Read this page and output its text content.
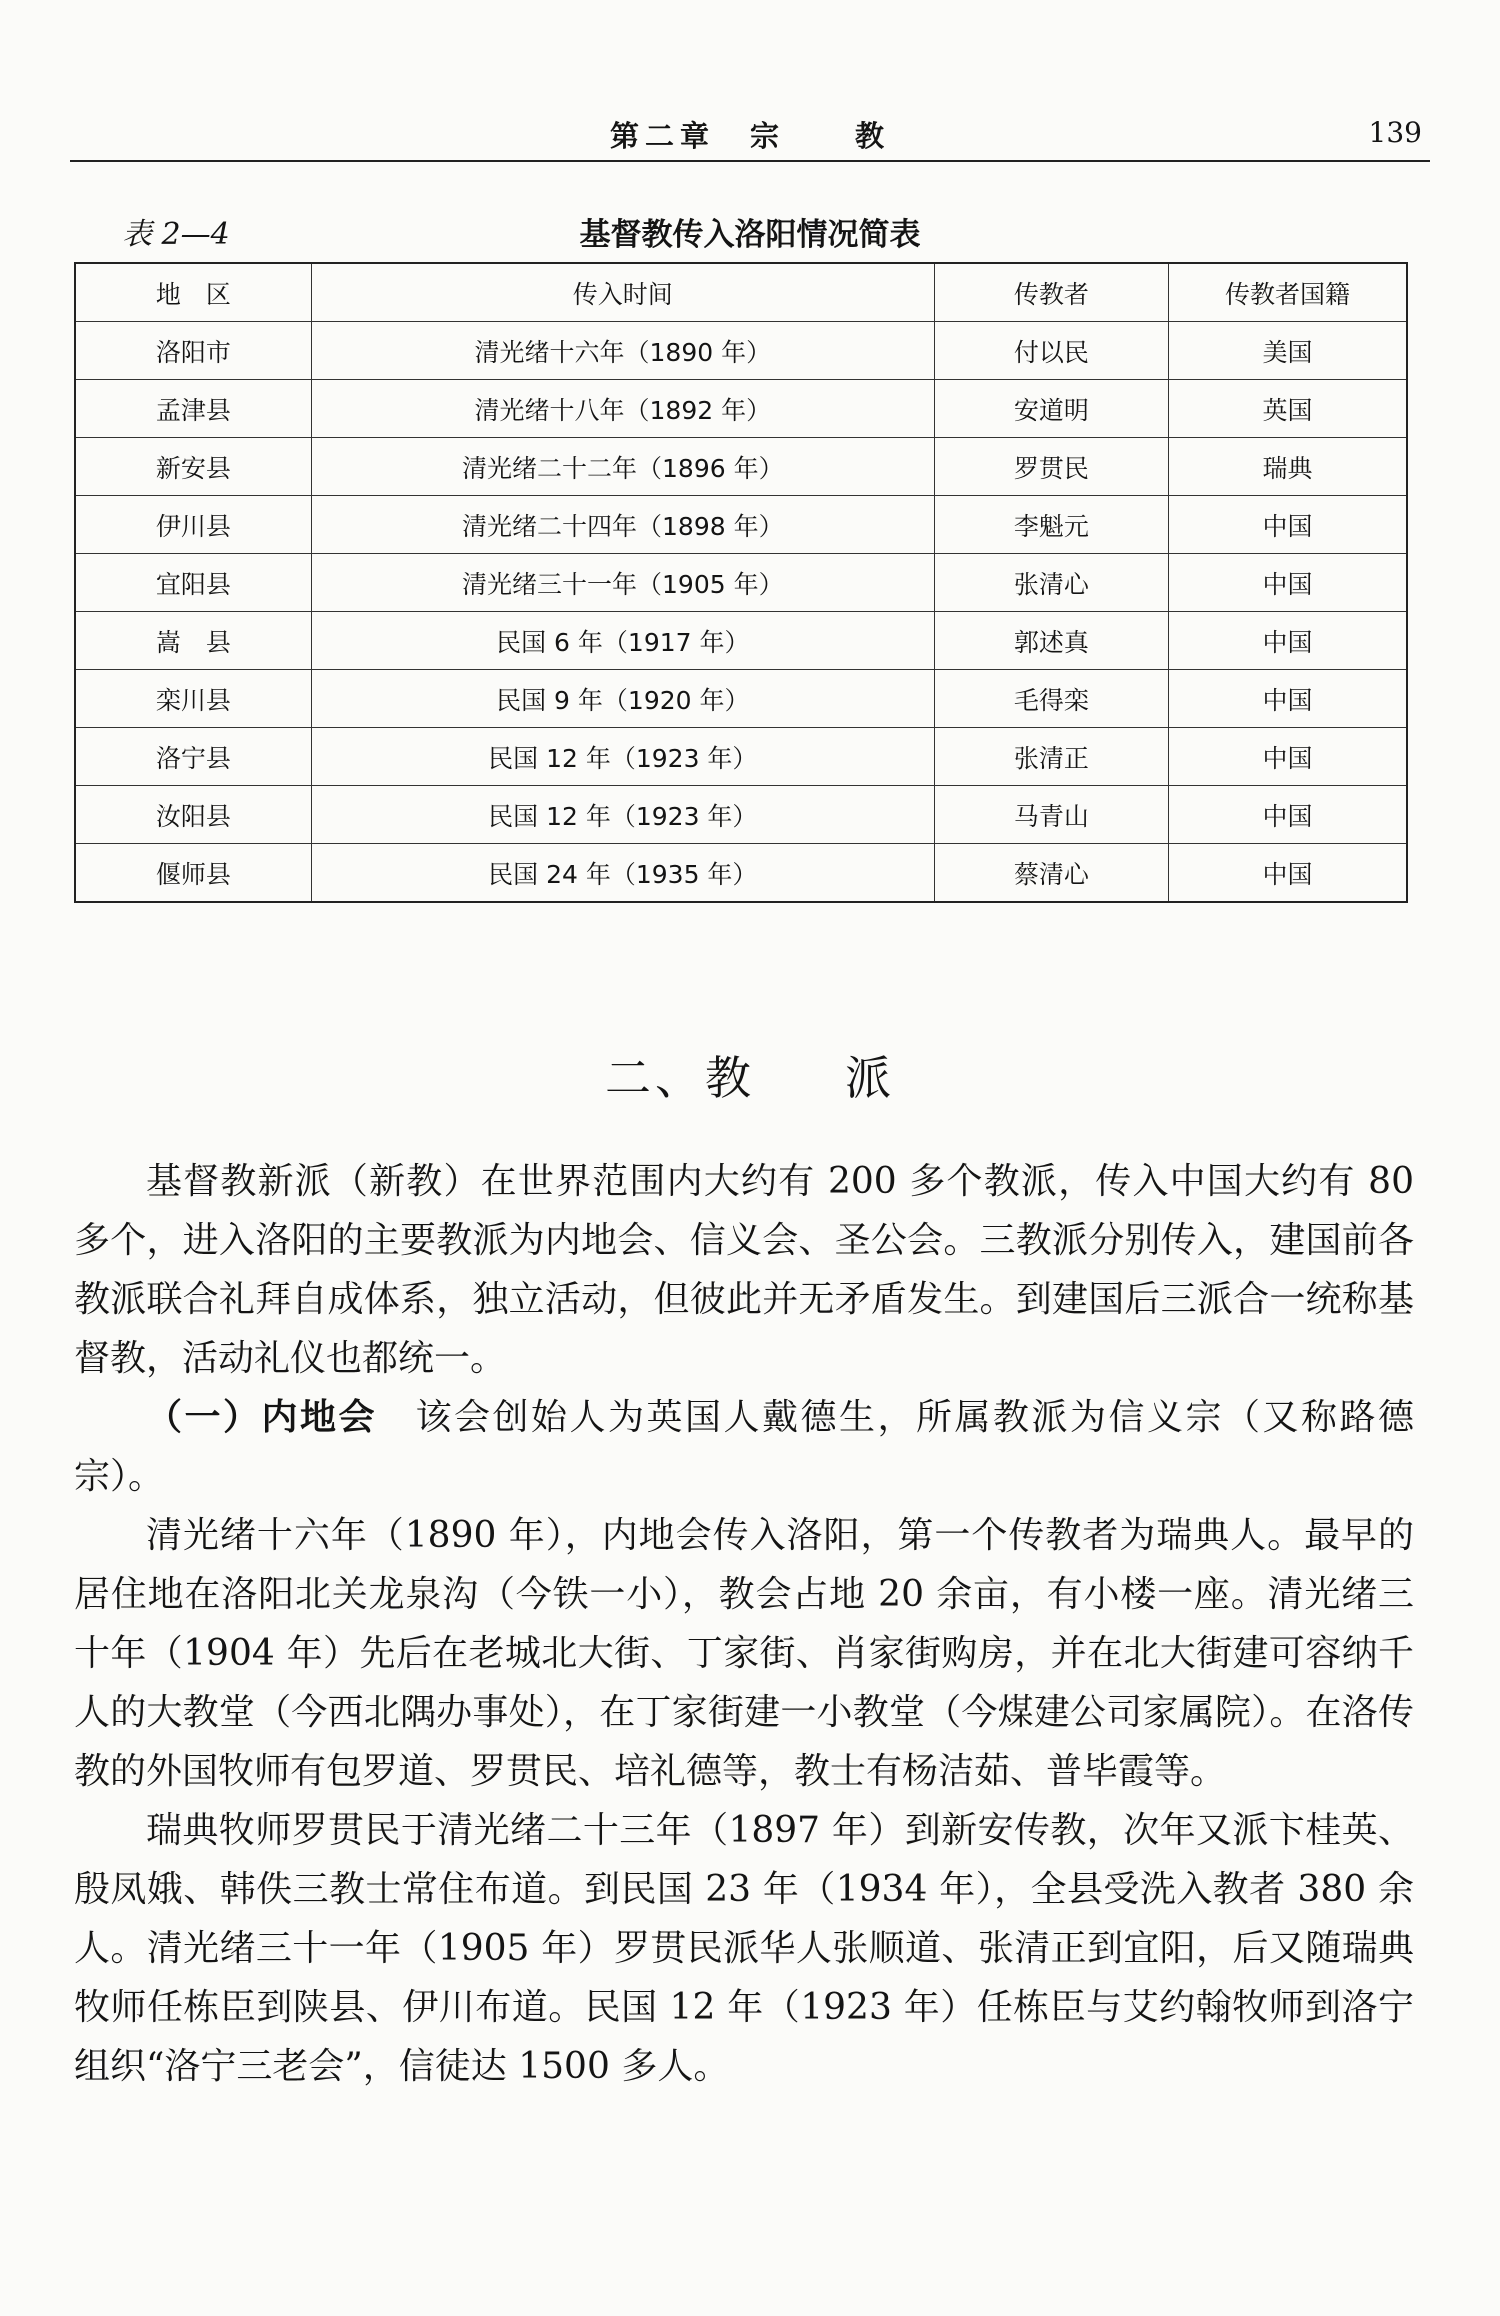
第二章　宗　　教	139
表 2—4	基督教传入洛阳情况简表
地　区	传入时间	传教者	传教者国籍
洛阳市	清光绪十六年（1890 年）	付以民	美国
孟津县	清光绪十八年（1892 年）	安道明	英国
新安县	清光绪二十二年（1896 年）	罗贯民	瑞典
伊川县	清光绪二十四年（1898 年）	李魁元	中国
宜阳县	清光绪三十一年（1905 年）	张清心	中国
嵩　县	民国 6 年（1917 年）	郭述真	中国
栾川县	民国 9 年（1920 年）	毛得栾	中国
洛宁县	民国 12 年（1923 年）	张清正	中国
汝阳县	民国 12 年（1923 年）	马青山	中国
偃师县	民国 24 年（1935 年）	蔡清心	中国
二、教 派

基督教新派（新教）在世界范围内大约有 200 多个教派，传入中国大约有 80 多个，进入洛阳的主要教派为内地会、信义会、圣公会。三教派分别传入，建国前各教派联合礼拜自成体系，独立活动，但彼此并无矛盾发生。到建国后三派合一统称基督教，活动礼仪也都统一。

（一）内地会　该会创始人为英国人戴德生，所属教派为信义宗（又称路德宗）。

清光绪十六年（1890 年），内地会传入洛阳，第一个传教者为瑞典人。最早的居住地在洛阳北关龙泉沟（今铁一小），教会占地 20 余亩，有小楼一座。清光绪三十年（1904 年）先后在老城北大街、丁家街、肖家街购房，并在北大街建可容纳千人的大教堂（今西北隅办事处），在丁家街建一小教堂（今煤建公司家属院）。在洛传教的外国牧师有包罗道、罗贯民、培礼德等，教士有杨洁茹、普毕霞等。

瑞典牧师罗贯民于清光绪二十三年（1897 年）到新安传教，次年又派卞桂英、殷凤娥、韩佚三教士常住布道。到民国 23 年（1934 年），全县受洗入教者 380 余人。清光绪三十一年（1905 年）罗贯民派华人张顺道、张清正到宜阳，后又随瑞典牧师任栋臣到陕县、伊川布道。民国 12 年（1923 年）任栋臣与艾约翰牧师到洛宁组织“洛宁三老会”，信徒达 1500 多人。
